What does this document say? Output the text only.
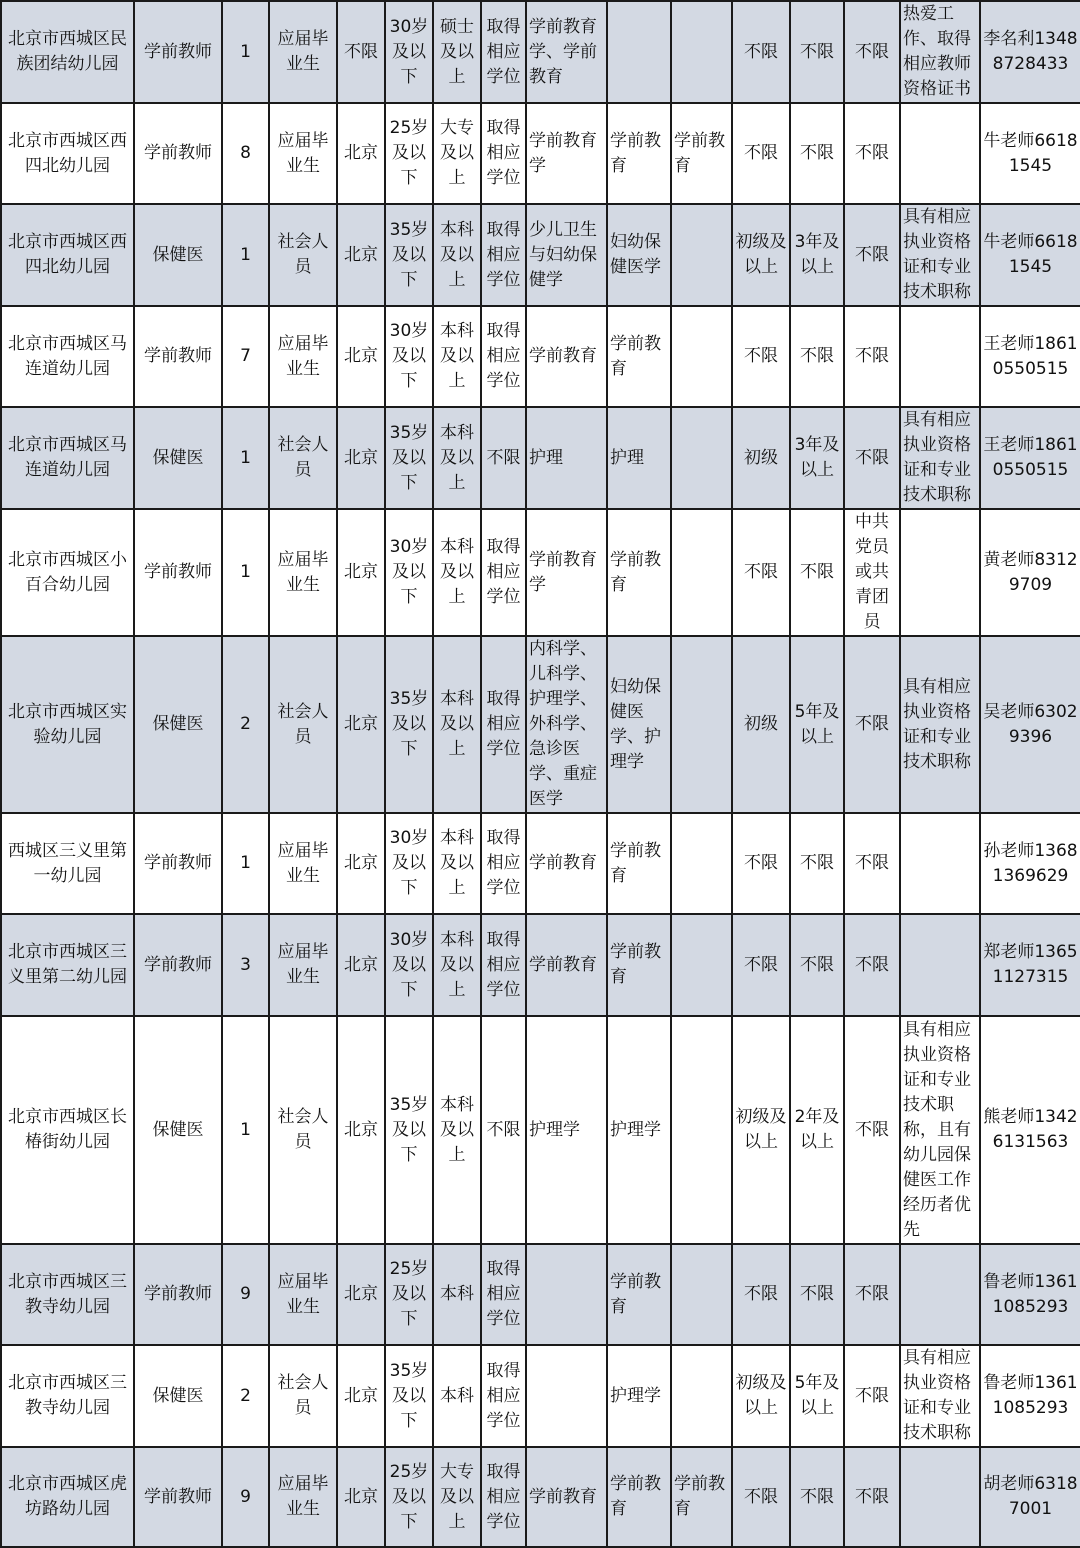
北京市西城区民族团结幼儿园	学前教师	1	应届毕业生	不限	30岁及以下	硕士及以上	取得相应学位	学前教育学、学前教育			不限	不限	不限	热爱工作、取得相应教师资格证书	李名利13488728433
北京市西城区西四北幼儿园	学前教师	8	应届毕业生	北京	25岁及以下	大专及以上	取得相应学位	学前教育学	学前教育	学前教育	不限	不限	不限		牛老师66181545
北京市西城区西四北幼儿园	保健医	1	社会人员	北京	35岁及以下	本科及以上	取得相应学位	少儿卫生与妇幼保健学	妇幼保健医学		初级及以上	3年及以上	不限	具有相应执业资格证和专业技术职称	牛老师66181545
北京市西城区马连道幼儿园	学前教师	7	应届毕业生	北京	30岁及以下	本科及以上	取得相应学位	学前教育	学前教育		不限	不限	不限		王老师18610550515
北京市西城区马连道幼儿园	保健医	1	社会人员	北京	35岁及以下	本科及以上	不限	护理	护理		初级	3年及以上	不限	具有相应执业资格证和专业技术职称	王老师18610550515
北京市西城区小百合幼儿园	学前教师	1	应届毕业生	北京	30岁及以下	本科及以上	取得相应学位	学前教育学	学前教育		不限	不限	中共党员或共青团员		黄老师83129709
北京市西城区实验幼儿园	保健医	2	社会人员	北京	35岁及以下	本科及以上	取得相应学位	内科学、儿科学、护理学、外科学、急诊医学、重症医学	妇幼保健医学、护理学		初级	5年及以上	不限	具有相应执业资格证和专业技术职称	吴老师63029396
西城区三义里第一幼儿园	学前教师	1	应届毕业生	北京	30岁及以下	本科及以上	取得相应学位	学前教育	学前教育		不限	不限	不限		孙老师13681369629
北京市西城区三义里第二幼儿园	学前教师	3	应届毕业生	北京	30岁及以下	本科及以上	取得相应学位	学前教育	学前教育		不限	不限	不限		郑老师13651127315
北京市西城区长椿街幼儿园	保健医	1	社会人员	北京	35岁及以下	本科及以上	不限	护理学	护理学		初级及以上	2年及以上	不限	具有相应执业资格证和专业技术职称，且有幼儿园保健医工作经历者优先	熊老师13426131563
北京市西城区三教寺幼儿园	学前教师	9	应届毕业生	北京	25岁及以下	本科	取得相应学位		学前教育		不限	不限	不限		鲁老师13611085293
北京市西城区三教寺幼儿园	保健医	2	社会人员	北京	35岁及以下	本科	取得相应学位		护理学		初级及以上	5年及以上	不限	具有相应执业资格证和专业技术职称	鲁老师13611085293
北京市西城区虎坊路幼儿园	学前教师	9	应届毕业生	北京	25岁及以下	大专及以上	取得相应学位	学前教育	学前教育	学前教育	不限	不限	不限		胡老师63187001
